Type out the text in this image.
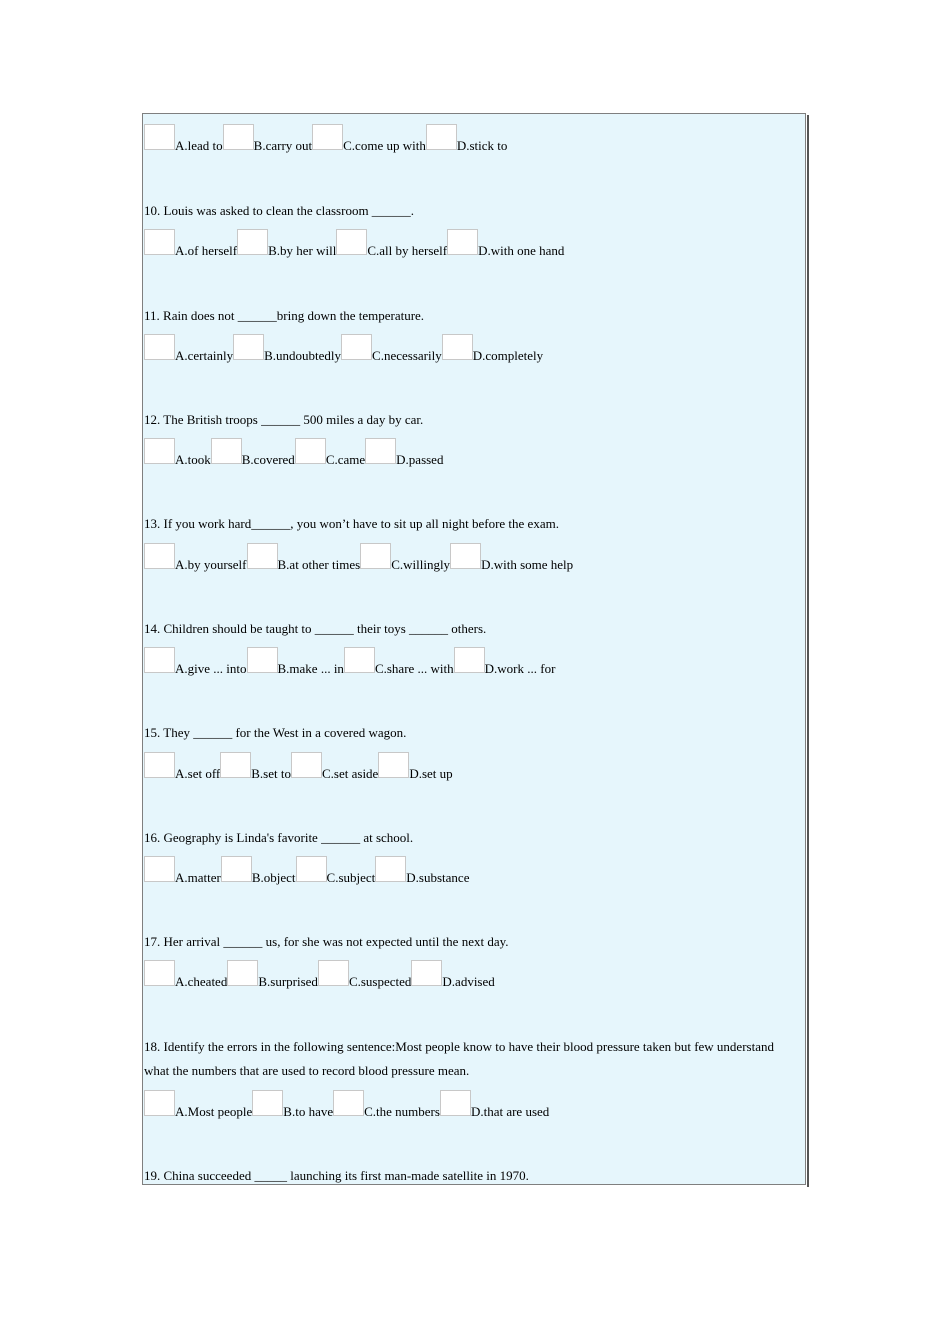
A.lead to B.carry out C.come up with D.stick to
10. Louis was asked to clean the classroom ______.
A.of herself B.by her will C.all by herself D.with one hand
11. Rain does not ______bring down the temperature.
A.certainly B.undoubtedly C.necessarily D.completely
12. The British troops ______ 500 miles a day by car.
A.took B.covered C.came D.passed
13. If you work hard______, you won’t have to sit up all night before the exam.
A.by yourself B.at other times C.willingly D.with some help
14. Children should be taught to ______ their toys ______ others.
A.give ... into B.make ... in C.share ... with D.work ... for
15. They ______ for the West in a covered wagon.
A.set off B.set to C.set aside D.set up
16. Geography is Linda's favorite ______ at school.
A.matter B.object C.subject D.substance
17. Her arrival ______ us, for she was not expected until the next day.
A.cheated B.surprised C.suspected D.advised
18. Identify the errors in the following sentence:Most people know to have their blood pressure taken but few understand what the numbers that are used to record blood pressure mean.
A.Most people B.to have C.the numbers D.that are used
19. China succeeded _____ launching its first man-made satellite in 1970.
